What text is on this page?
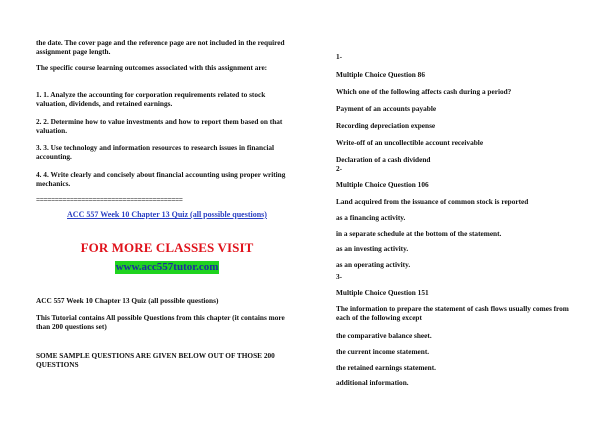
the date. The cover page and the reference page are not included in the required assignment page length.

The specific course learning outcomes associated with this assignment are:

1. 1. Analyze the accounting for corporation requirements related to stock valuation, dividends, and retained earnings.

2. 2. Determine how to value investments and how to report them based on that valuation.

3. 3. Use technology and information resources to research issues in financial accounting.

4. 4. Write clearly and concisely about financial accounting using proper writing mechanics.

=======================================

ACC 557 Week 10 Chapter 13 Quiz (all possible questions)

FOR MORE CLASSES VISIT

www.acc557tutor.com

ACC 557 Week 10 Chapter 13 Quiz (all possible questions)

This Tutorial contains All possible Questions from this chapter (it contains more than 200 questions set)

SOME SAMPLE QUESTIONS ARE GIVEN BELOW OUT OF THOSE 200 QUESTIONS

1-

Multiple Choice Question 86

Which one of the following affects cash during a period?

Payment of an accounts payable

Recording depreciation expense

Write-off of an uncollectible account receivable

Declaration of a cash dividend

2-

Multiple Choice Question 106

Land acquired from the issuance of common stock is reported

as a financing activity.

in a separate schedule at the bottom of the statement.

as an investing activity.

as an operating activity.

3-

Multiple Choice Question 151

The information to prepare the statement of cash flows usually comes from each of the following except

the comparative balance sheet.

the current income statement.

the retained earnings statement.

additional information.
